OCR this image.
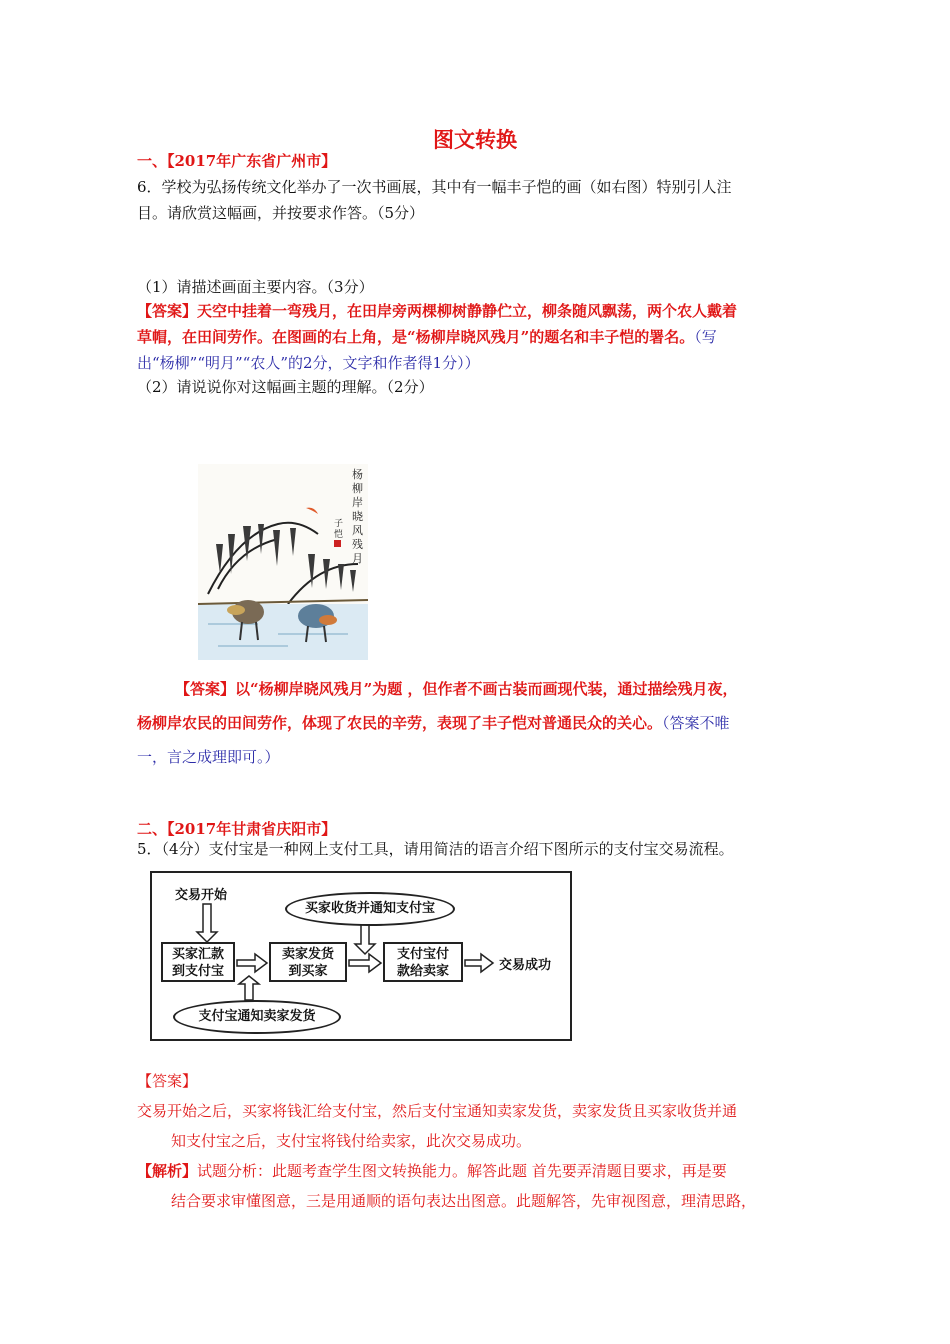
图文转换
一、【2017年广东省广州市】
6．学校为弘扬传统文化举办了一次书画展，其中有一幅丰子恺的画（如右图）特别引人注
目。请欣赏这幅画，并按要求作答。（5分）
（1）请描述画面主要内容。（3分）
【答案】天空中挂着一弯残月，在田岸旁两棵柳树静静伫立，柳条随风飘荡，两个农人戴着
草帽，在田间劳作。在图画的右上角，是“杨柳岸晓风残月”的题名和丰子恺的署名。（写
出“杨柳”“明月”“农人”的2分，文字和作者得1分））
（2）请说说你对这幅画主题的理解。（2分）
杨
柳
岸
晓
风
残
月
子
恺
【答案】以“杨柳岸晓风残月”为题 ，但作者不画古装而画现代装，通过描绘残月夜，
杨柳岸农民的田间劳作，体现了农民的辛劳，表现了丰子恺对普通民众的关心。（答案不唯
一，言之成理即可。）
二、【2017年甘肃省庆阳市】
5．（4分）支付宝是一种网上支付工具，请用简洁的语言介绍下图所示的支付宝交易流程。
交易开始
买家收货并通知支付宝
买家汇款
到支付宝
卖家发货
到买家
支付宝付
款给卖家	交易成功
支付宝通知卖家发货
【答案】
交易开始之后，买家将钱汇给支付宝，然后支付宝通知卖家发货，卖家发货且买家收货并通
知支付宝之后，支付宝将钱付给卖家，此次交易成功。
【解析】试题分析：此题考查学生图文转换能力。解答此题 首先要弄清题目要求，再是要
结合要求审懂图意，三是用通顺的语句表达出图意。此题解答，先审视图意，理清思路，
